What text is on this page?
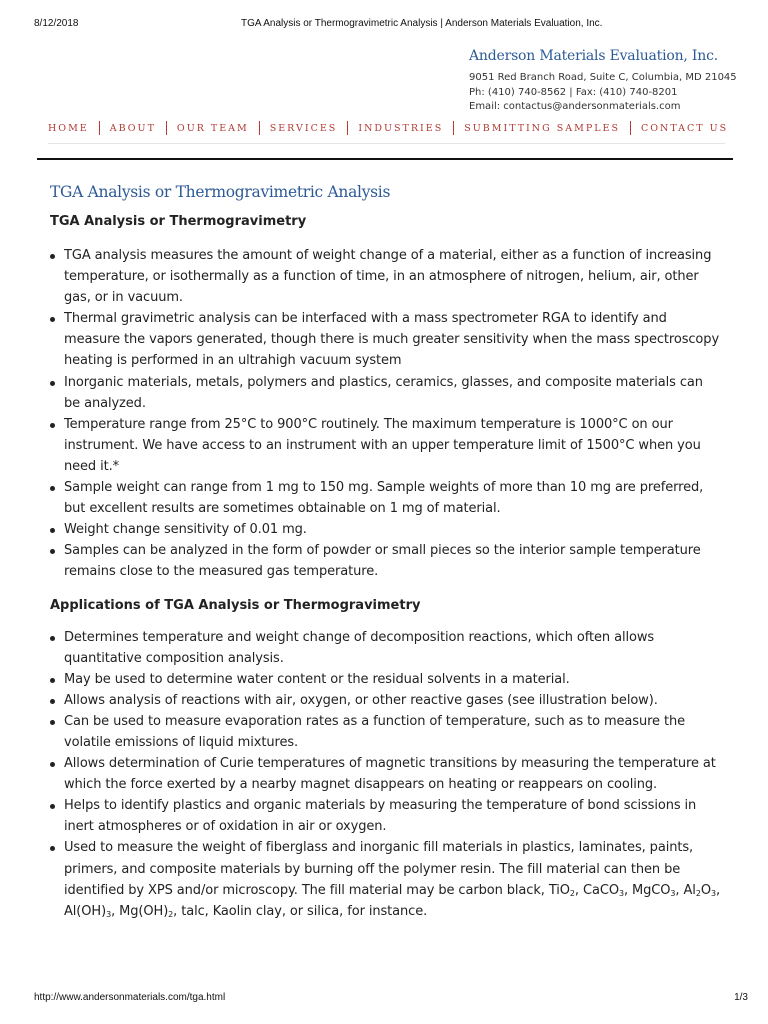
8/12/2018	TGA Analysis or Thermogravimetric Analysis | Anderson Materials Evaluation, Inc.
Anderson Materials Evaluation, Inc.
9051 Red Branch Road, Suite C, Columbia, MD 21045
Ph: (410) 740-8562 | Fax: (410) 740-8201
Email: contactus@andersonmaterials.com
HOME ABOUT OUR TEAM SERVICES INDUSTRIES SUBMITTING SAMPLES CONTACT US
TGA Analysis or Thermogravimetric Analysis
TGA Analysis or Thermogravimetry
TGA analysis measures the amount of weight change of a material, either as a function of increasing temperature, or isothermally as a function of time, in an atmosphere of nitrogen, helium, air, other gas, or in vacuum.
Thermal gravimetric analysis can be interfaced with a mass spectrometer RGA to identify and measure the vapors generated, though there is much greater sensitivity when the mass spectroscopy heating is performed in an ultrahigh vacuum system
Inorganic materials, metals, polymers and plastics, ceramics, glasses, and composite materials can be analyzed.
Temperature range from 25°C to 900°C routinely. The maximum temperature is 1000°C on our instrument. We have access to an instrument with an upper temperature limit of 1500°C when you need it.*
Sample weight can range from 1 mg to 150 mg. Sample weights of more than 10 mg are preferred, but excellent results are sometimes obtainable on 1 mg of material.
Weight change sensitivity of 0.01 mg.
Samples can be analyzed in the form of powder or small pieces so the interior sample temperature remains close to the measured gas temperature.
Applications of TGA Analysis or Thermogravimetry
Determines temperature and weight change of decomposition reactions, which often allows quantitative composition analysis.
May be used to determine water content or the residual solvents in a material.
Allows analysis of reactions with air, oxygen, or other reactive gases (see illustration below).
Can be used to measure evaporation rates as a function of temperature, such as to measure the volatile emissions of liquid mixtures.
Allows determination of Curie temperatures of magnetic transitions by measuring the temperature at which the force exerted by a nearby magnet disappears on heating or reappears on cooling.
Helps to identify plastics and organic materials by measuring the temperature of bond scissions in inert atmospheres or of oxidation in air or oxygen.
Used to measure the weight of fiberglass and inorganic fill materials in plastics, laminates, paints, primers, and composite materials by burning off the polymer resin. The fill material can then be identified by XPS and/or microscopy. The fill material may be carbon black, TiO$_2$, CaCO$_3$, MgCO$_3$, $Al_2O_3$, $Al(OH)_3$, $Mg(OH)_2$, talc, Kaolin clay, or silica, for instance.
http://www.andersonmaterials.com/tga.html	1/3
